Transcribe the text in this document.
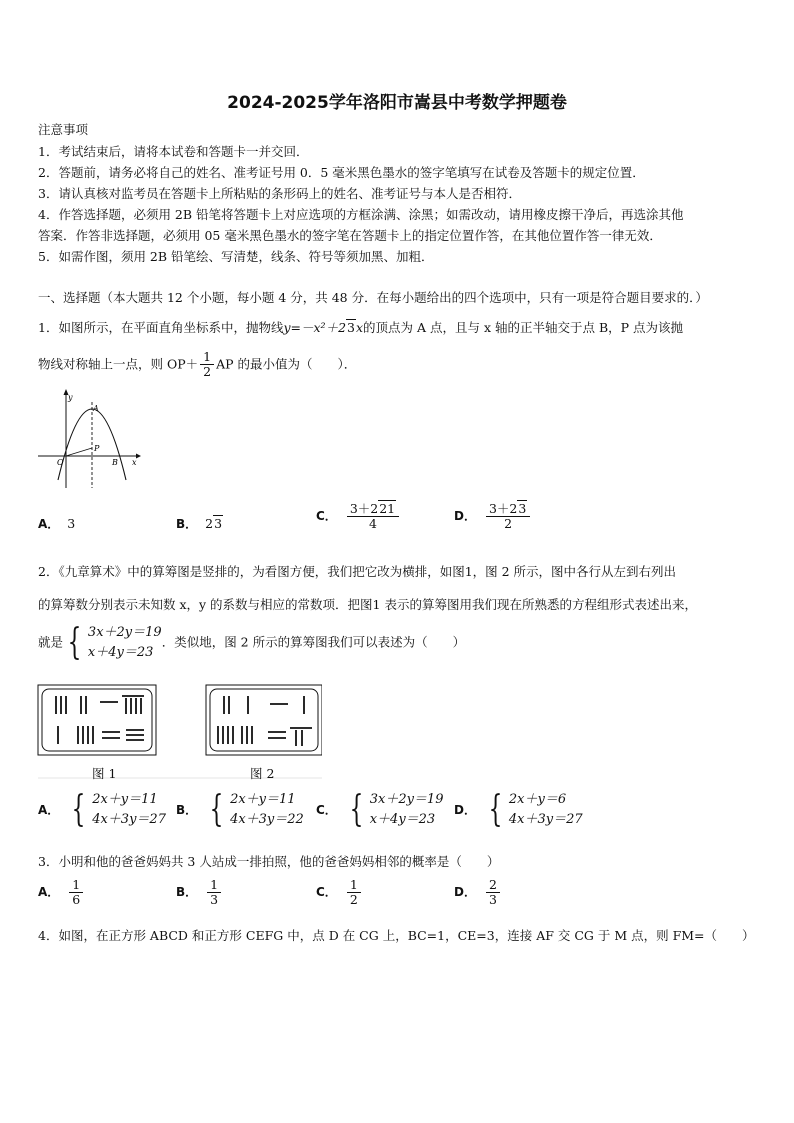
2024-2025学年洛阳市嵩县中考数学押题卷
注意事项
1．考试结束后，请将本试卷和答题卡一并交回．
2．答题前，请务必将自己的姓名、准考证号用 0．5 毫米黑色墨水的签字笔填写在试卷及答题卡的规定位置．
3．请认真核对监考员在答题卡上所粘贴的条形码上的姓名、准考证号与本人是否相符．
4．作答选择题，必须用 2B 铅笔将答题卡上对应选项的方框涂满、涂黑；如需改动，请用橡皮擦干净后，再选涂其他
答案．作答非选择题，必须用 05 毫米黑色墨水的签字笔在答题卡上的指定位置作答，在其他位置作答一律无效．
5．如需作图，须用 2B 铅笔绘、写清楚，线条、符号等须加黑、加粗．
一、选择题（本大题共 12 个小题，每小题 4 分，共 48 分．在每小题给出的四个选项中，只有一项是符合题目要求的．）
1．如图所示，在平面直角坐标系中，抛物线y=－x²＋23x的顶点为 A 点，且与 x 轴的正半轴交于点 B，P 点为该抛
物线对称轴上一点，则 $OP+ \frac{1}{2}$ AP 的最小值为（　　）．
y
x
O
A
B
P
A． 3	B． 23	C． $\frac{3+221}{4}$	D． $\frac{3+23}{2}$
2．《九章算术》中的算筹图是竖排的，为看图方便，我们把它改为横排，如图1，图 2 所示，图中各行从左到右列出
的算筹数分别表示未知数 x，y 的系数与相应的常数项．把图1 表示的算筹图用我们现在所熟悉的方程组形式表述出来，
就是 { 3x＋2y＝19
x＋4y＝23
．类似地，图 2 所示的算筹图我们可以表述为（　　）
图 1	图 2
A． { 2x＋y＝11
4x＋3y＝27
B． { 2x＋y＝11
4x＋3y＝22
C． { 3x＋2y＝19
x＋4y＝23
D． { 2x＋y＝6
4x＋3y＝27
3．小明和他的爸爸妈妈共 3 人站成一排拍照，他的爸爸妈妈相邻的概率是（　　）
A． $\frac{1}{6}$	B． $\frac{1}{3}$	C． $\frac{1}{2}$	D． $\frac{2}{3}$
4．如图，在正方形 ABCD 和正方形 CEFG 中，点 D 在 CG 上，BC=1，CE=3，连接 AF 交 CG 于 M 点，则 FM=（　　）
